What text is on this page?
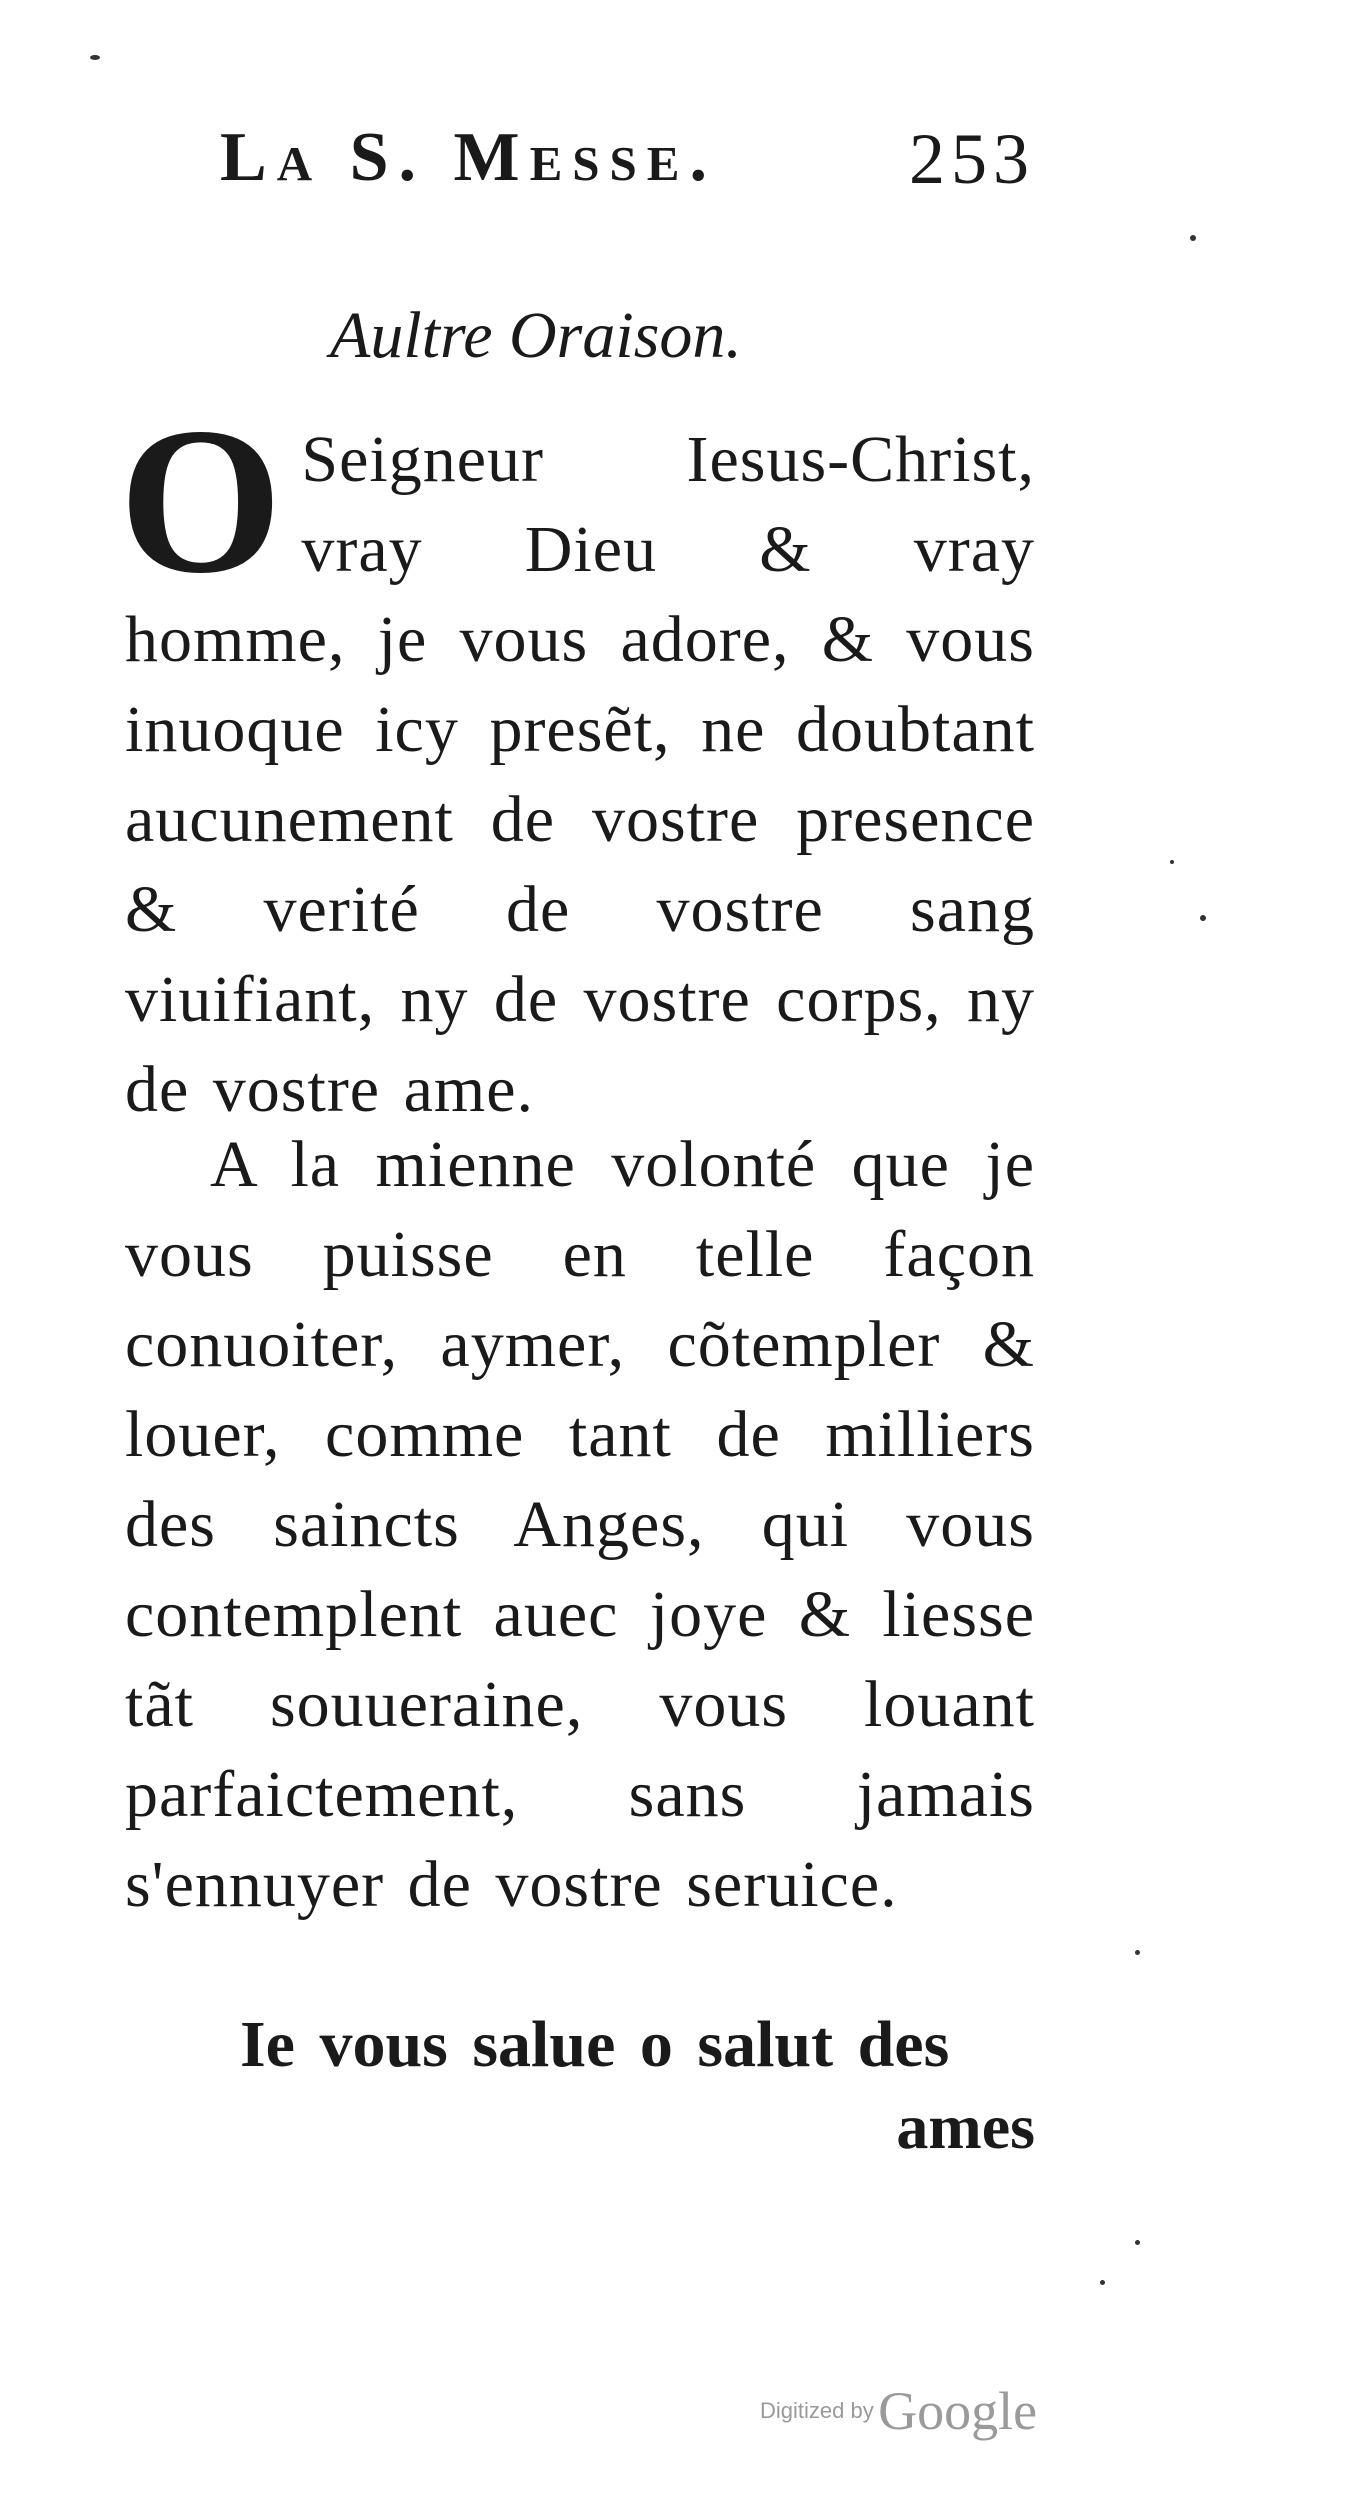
La S. Messe.	253
Aultre Oraison.

O Seigneur Iesus-Christ, vray Dieu & vray homme, je vous adore, & vous inuoque icy presẽt, ne doubtant aucunement de vostre presence & verité de vostre sang viuifiant, ny de vostre corps, ny de vostre ame.

A la mienne volonté que je vous puisse en telle façon conuoiter, aymer, cõtempler & louer, comme tant de milliers des saincts Anges, qui vous contemplent auec joye & liesse tãt souueraine, vous louant parfaictement, sans jamais s'ennuyer de vostre seruice.

Ie vous salue o salut des

ames
Digitized by Google
